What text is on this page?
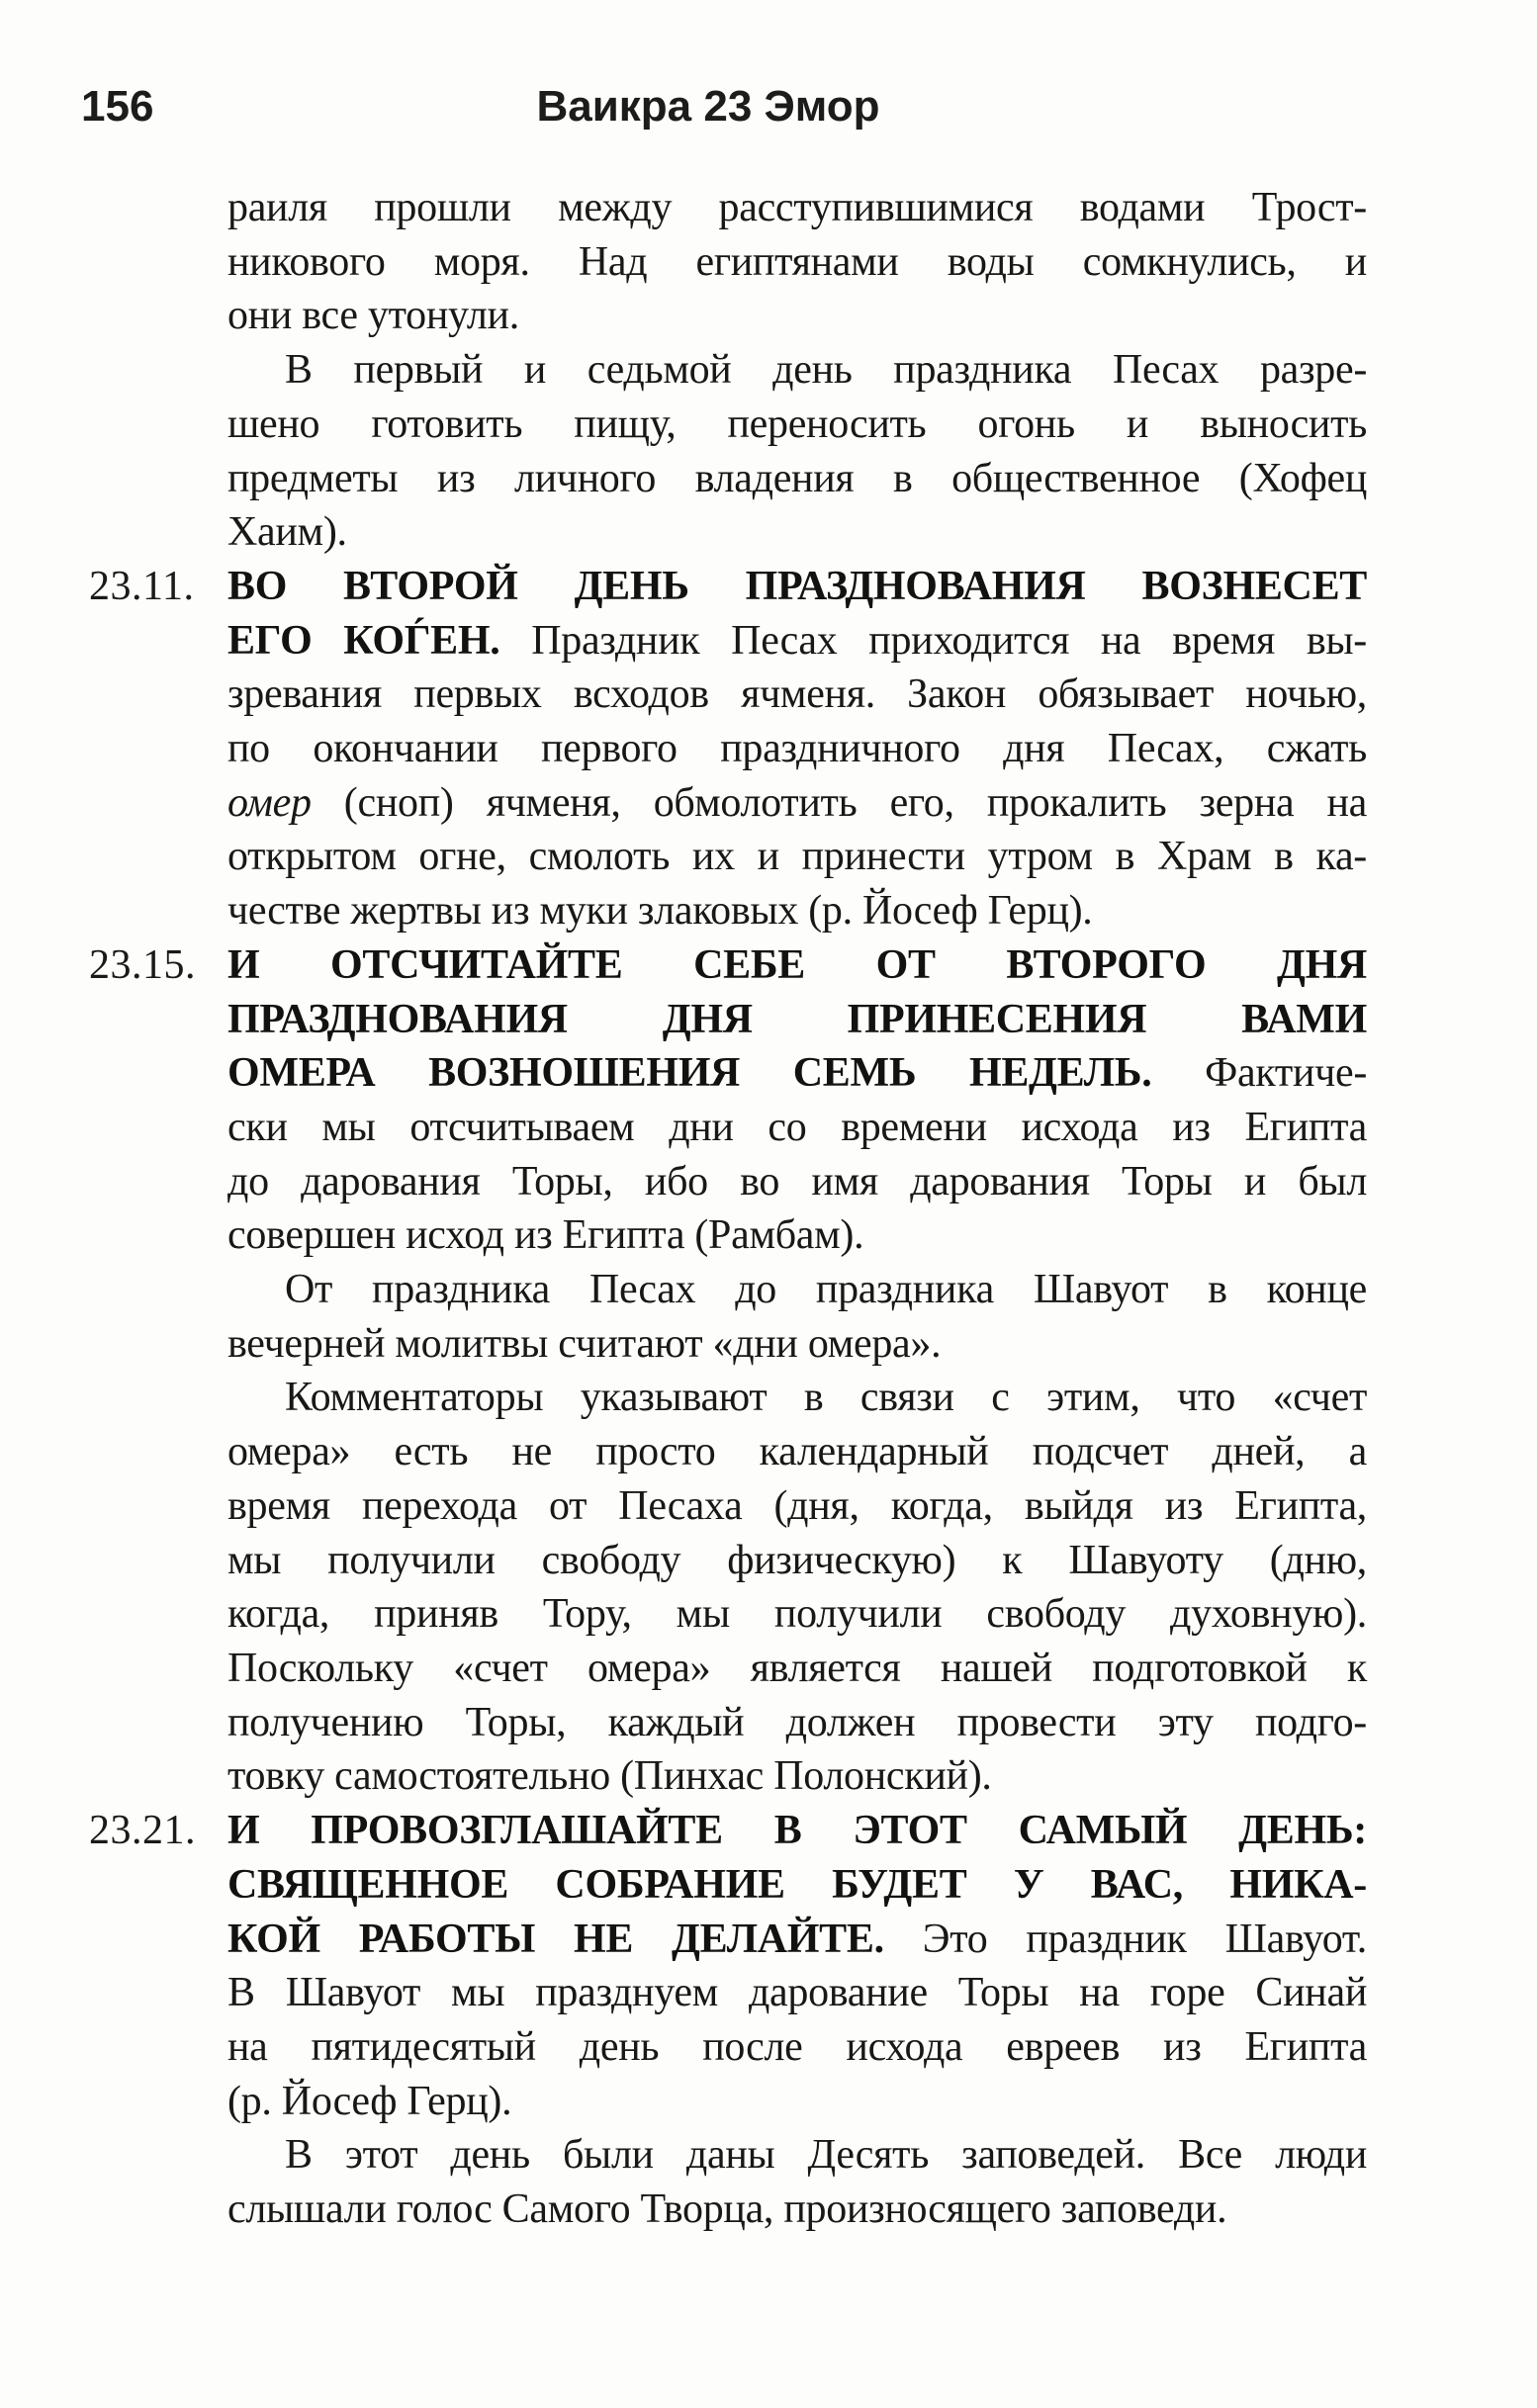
156	Ваикра 23 Эмор
раиля прошли между расступившимися водами Трост-
никового моря. Над египтянами воды сомкнулись, и
они все утонули.
В первый и седьмой день праздника Песах разре-
шено готовить пищу, переносить огонь и выносить
предметы из личного владения в общественное (Хофец
Хаим).
23.11. ВО ВТОРОЙ ДЕНЬ ПРАЗДНОВАНИЯ ВОЗНЕСЕТ
ЕГО КОЃЕН. Праздник Песах приходится на время вы-
зревания первых всходов ячменя. Закон обязывает ночью,
по окончании первого праздничного дня Песах, сжать
омер (сноп) ячменя, обмолотить его, прокалить зерна на
открытом огне, смолоть их и принести утром в Храм в ка-
честве жертвы из муки злаковых (р. Йосеф Герц).
23.15. И ОТСЧИТАЙТЕ СЕБЕ ОТ ВТОРОГО ДНЯ
ПРАЗДНОВАНИЯ ДНЯ ПРИНЕСЕНИЯ ВАМИ
ОМЕРА ВОЗНОШЕНИЯ СЕМЬ НЕДЕЛЬ. Фактиче-
ски мы отсчитываем дни со времени исхода из Египта
до дарования Торы, ибо во имя дарования Торы и был
совершен исход из Египта (Рамбам).
От праздника Песах до праздника Шавуот в конце
вечерней молитвы считают «дни омера».
Комментаторы указывают в связи с этим, что «счет
омера» есть не просто календарный подсчет дней, а
время перехода от Песаха (дня, когда, выйдя из Египта,
мы получили свободу физическую) к Шавуоту (дню,
когда, приняв Тору, мы получили свободу духовную).
Поскольку «счет омера» является нашей подготовкой к
получению Торы, каждый должен провести эту подго-
товку самостоятельно (Пинхас Полонский).
23.21. И ПРОВОЗГЛАШАЙТЕ В ЭТОТ САМЫЙ ДЕНЬ:
СВЯЩЕННОЕ СОБРАНИЕ БУДЕТ У ВАС, НИКА-
КОЙ РАБОТЫ НЕ ДЕЛАЙТЕ. Это праздник Шавуот.
В Шавуот мы празднуем дарование Торы на горе Синай
на пятидесятый день после исхода евреев из Египта
(р. Йосеф Герц).
В этот день были даны Десять заповедей. Все люди
слышали голос Самого Творца, произносящего заповеди.
